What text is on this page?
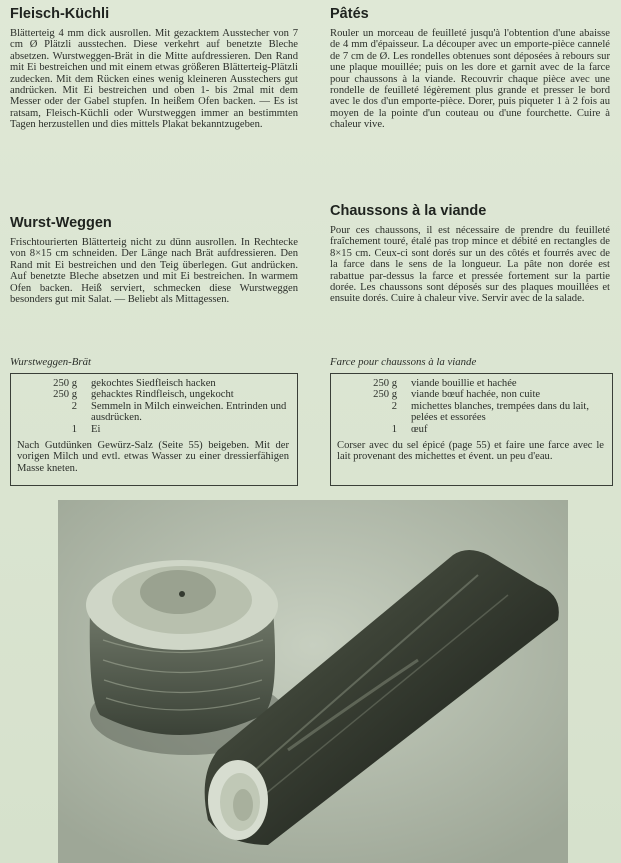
Fleisch-Küchli

Blätterteig 4 mm dick ausrollen. Mit gezacktem Ausstecher von 7 cm Ø Plätzli ausstechen. Diese verkehrt auf benetzte Bleche absetzen. Wurstweggen-Brät in die Mitte aufdressieren. Den Rand mit Ei bestreichen und mit einem etwas größeren Blätterteig-Plätzli zudecken. Mit dem Rücken eines wenig kleineren Ausstechers gut andrücken. Mit Ei bestreichen und oben 1- bis 2mal mit dem Messer oder der Gabel stupfen. In heißem Ofen backen. — Es ist ratsam, Fleisch-Küchli oder Wurstweggen immer an bestimmten Tagen herzustellen und dies mittels Plakat bekanntzugeben.

Wurst-Weggen

Frischtourierten Blätterteig nicht zu dünn ausrollen. In Rechtecke von 8×15 cm schneiden. Der Länge nach Brät aufdressieren. Den Rand mit Ei bestreichen und den Teig überlegen. Gut andrücken. Auf benetzte Bleche absetzen und mit Ei bestreichen. In warmem Ofen backen. Heiß serviert, schmecken diese Wurstweggen besonders gut mit Salat. — Beliebt als Mittagessen.

Wurstweggen-Brät
250 g	gekochtes Siedfleisch hacken
250 g	gehacktes Rindfleisch, ungekocht
2	Semmeln in Milch einweichen. Entrinden und ausdrücken.
1	Ei

Nach Gutdünken Gewürz-Salz (Seite 55) beigeben. Mit der vorigen Milch und evtl. etwas Wasser zu einer dressierfähigen Masse kneten.

Pâtés

Rouler un morceau de feuilleté jusqu'à l'obtention d'une abaisse de 4 mm d'épaisseur. La découper avec un emporte-pièce cannelé de 7 cm de Ø. Les rondelles obtenues sont déposées à rebours sur une plaque mouillée; puis on les dore et garnit avec de la farce pour chaussons à la viande. Recouvrir chaque pièce avec une rondelle de feuilleté légèrement plus grande et presser le bord avec le dos d'un emporte-pièce. Dorer, puis piqueter 1 à 2 fois au moyen de la pointe d'un couteau ou d'une fourchette. Cuire à chaleur vive.

Chaussons à la viande

Pour ces chaussons, il est nécessaire de prendre du feuilleté fraîchement touré, étalé pas trop mince et débité en rectangles de 8×15 cm. Ceux-ci sont dorés sur un des côtés et fourrés avec de la farce dans le sens de la longueur. La pâte non dorée est rabattue par-dessus la farce et pressée fortement sur la partie dorée. Les chaussons sont déposés sur des plaques mouillées et ensuite dorés. Cuire à chaleur vive. Servir avec de la salade.

Farce pour chaussons à la viande
250 g	viande bouillie et hachée
250 g	viande bœuf hachée, non cuite
2	michettes blanches, trempées dans du lait, pelées et essorées
1	œuf

Corser avec du sel épicé (page 55) et faire une farce avec le lait provenant des michettes et évent. un peu d'eau.
